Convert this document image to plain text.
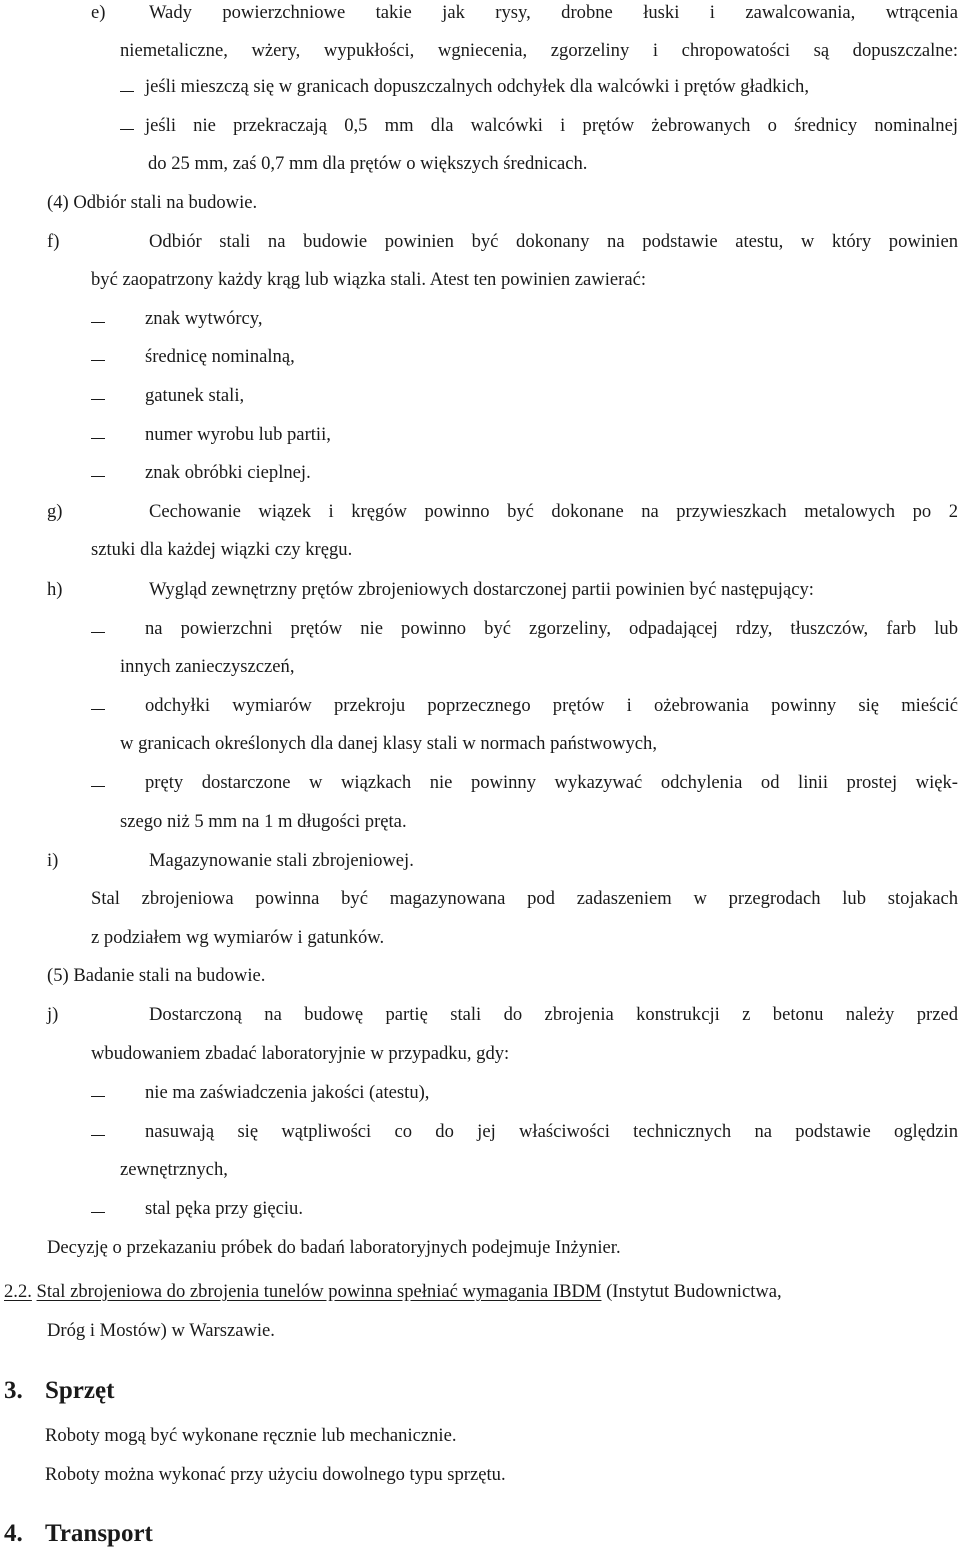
e) Wady powierzchniowe takie jak rysy, drobne łuski i zawalcowania, wtrącenia
niemetaliczne, wżery, wypukłości, wgniecenia, zgorzeliny i chropowatości są dopuszczalne:
jeśli mieszczą się w granicach dopuszczalnych odchyłek dla walcówki i prętów gładkich,
jeśli nie przekraczają 0,5 mm dla walcówki i prętów żebrowanych o średnicy nominalnej
do 25 mm, zaś 0,7 mm dla prętów o większych średnicach.
(4) Odbiór stali na budowie.
f)	Odbiór stali na budowie powinien być dokonany na podstawie atestu, w który powinien
być zaopatrzony każdy krąg lub wiązka stali. Atest ten powinien zawierać:
znak wytwórcy,
średnicę nominalną,
gatunek stali,
numer wyrobu lub partii,
znak obróbki cieplnej.
g)	Cechowanie wiązek i kręgów powinno być dokonane na przywieszkach metalowych po 2
sztuki dla każdej wiązki czy kręgu.
h)	Wygląd zewnętrzny prętów zbrojeniowych dostarczonej partii powinien być następujący:
na powierzchni prętów nie powinno być zgorzeliny, odpadającej rdzy, tłuszczów, farb lub
innych zanieczyszczeń,
odchyłki wymiarów przekroju poprzecznego prętów i ożebrowania powinny się mieścić
w granicach określonych dla danej klasy stali w normach państwowych,
pręty dostarczone w wiązkach nie powinny wykazywać odchylenia od linii prostej więk-
szego niż 5 mm na 1 m długości pręta.
i)	Magazynowanie stali zbrojeniowej.
Stal zbrojeniowa powinna być magazynowana pod zadaszeniem w przegrodach lub stojakach
z podziałem wg wymiarów i gatunków.
(5) Badanie stali na budowie.
j)	Dostarczoną na budowę partię stali do zbrojenia konstrukcji z betonu należy przed
wbudowaniem zbadać laboratoryjnie w przypadku, gdy:
nie ma zaświadczenia jakości (atestu),
nasuwają się wątpliwości co do jej właściwości technicznych na podstawie oględzin
zewnętrznych,
stal pęka przy gięciu.
Decyzję o przekazaniu próbek do badań laboratoryjnych podejmuje Inżynier.
2.2. Stal zbrojeniowa do zbrojenia tunelów powinna spełniać wymagania IBDM (Instytut Budownictwa,
Dróg i Mostów) w Warszawie.
3. Sprzęt
Roboty mogą być wykonane ręcznie lub mechanicznie.
Roboty można wykonać przy użyciu dowolnego typu sprzętu.
4. Transport
